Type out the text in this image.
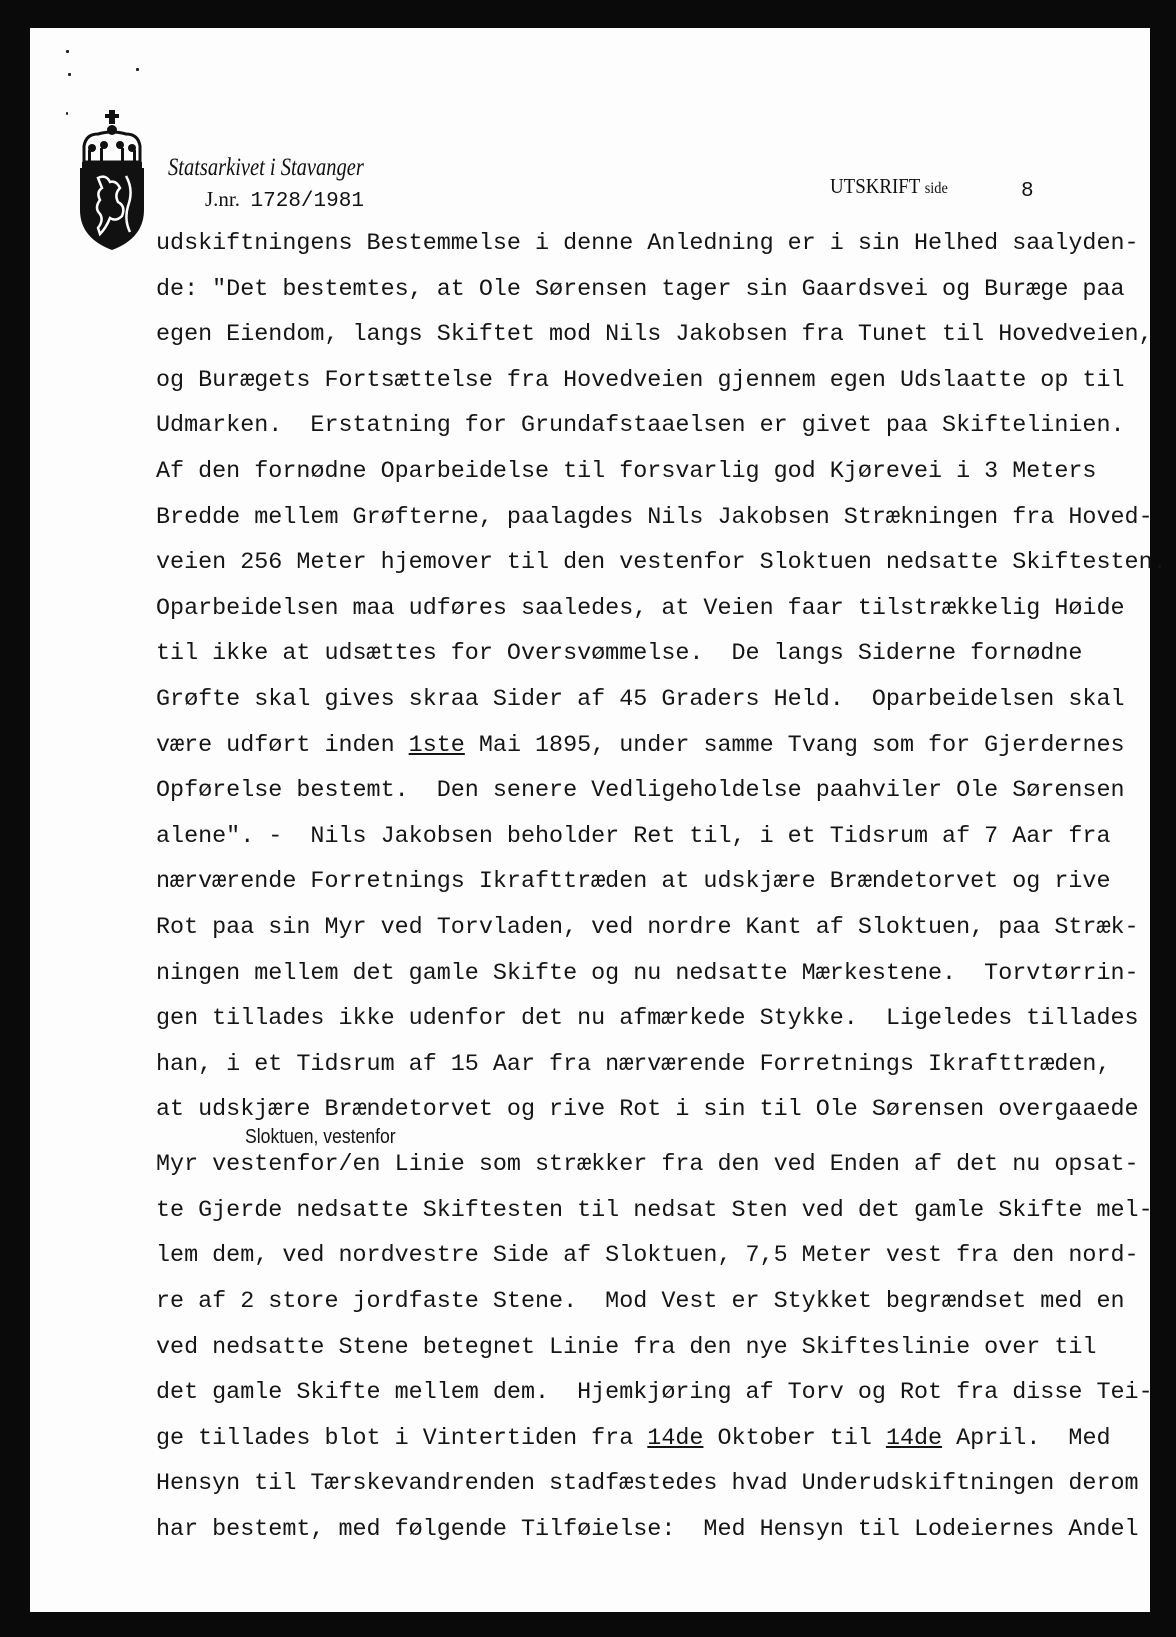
Statsarkivet i Stavanger
J.nr. 1728/1981
UTSKRIFT side	8
udskiftningens Bestemmelse i denne Anledning er i sin Helhed saalyden-
de: "Det bestemtes, at Ole Sørensen tager sin Gaardsvei og Buræge paa
egen Eiendom, langs Skiftet mod Nils Jakobsen fra Tunet til Hovedveien,
og Burægets Fortsættelse fra Hovedveien gjennem egen Udslaatte op til
Udmarken.  Erstatning for Grundafstaaelsen er givet paa Skiftelinien.
Af den fornødne Oparbeidelse til forsvarlig god Kjørevei i 3 Meters
Bredde mellem Grøfterne, paalagdes Nils Jakobsen Strækningen fra Hoved-
veien 256 Meter hjemover til den vestenfor Sloktuen nedsatte Skiftesten.
Oparbeidelsen maa udføres saaledes, at Veien faar tilstrækkelig Høide
til ikke at udsættes for Oversvømmelse.  De langs Siderne fornødne
Grøfte skal gives skraa Sider af 45 Graders Held.  Oparbeidelsen skal
være udført inden 1ste Mai 1895, under samme Tvang som for Gjerdernes
Opførelse bestemt.  Den senere Vedligeholdelse paahviler Ole Sørensen
alene". -  Nils Jakobsen beholder Ret til, i et Tidsrum af 7 Aar fra
nærværende Forretnings Ikrafttræden at udskjære Brændetorvet og rive
Rot paa sin Myr ved Torvladen, ved nordre Kant af Sloktuen, paa Stræk-
ningen mellem det gamle Skifte og nu nedsatte Mærkestene.  Torvtørrin-
gen tillades ikke udenfor det nu afmærkede Stykke.  Ligeledes tillades
han, i et Tidsrum af 15 Aar fra nærværende Forretnings Ikrafttræden,
at udskjære Brændetorvet og rive Rot i sin til Ole Sørensen overgaaede
Sloktuen, vestenfor
Myr vestenfor/en Linie som strækker fra den ved Enden af det nu opsat-
te Gjerde nedsatte Skiftesten til nedsat Sten ved det gamle Skifte mel-
lem dem, ved nordvestre Side af Sloktuen, 7,5 Meter vest fra den nord-
re af 2 store jordfaste Stene.  Mod Vest er Stykket begrændset med en
ved nedsatte Stene betegnet Linie fra den nye Skifteslinie over til
det gamle Skifte mellem dem.  Hjemkjøring af Torv og Rot fra disse Tei-
ge tillades blot i Vintertiden fra 14de Oktober til 14de April.  Med
Hensyn til Tærskevandrenden stadfæstedes hvad Underudskiftningen derom
har bestemt, med følgende Tilføielse:  Med Hensyn til Lodeiernes Andel
